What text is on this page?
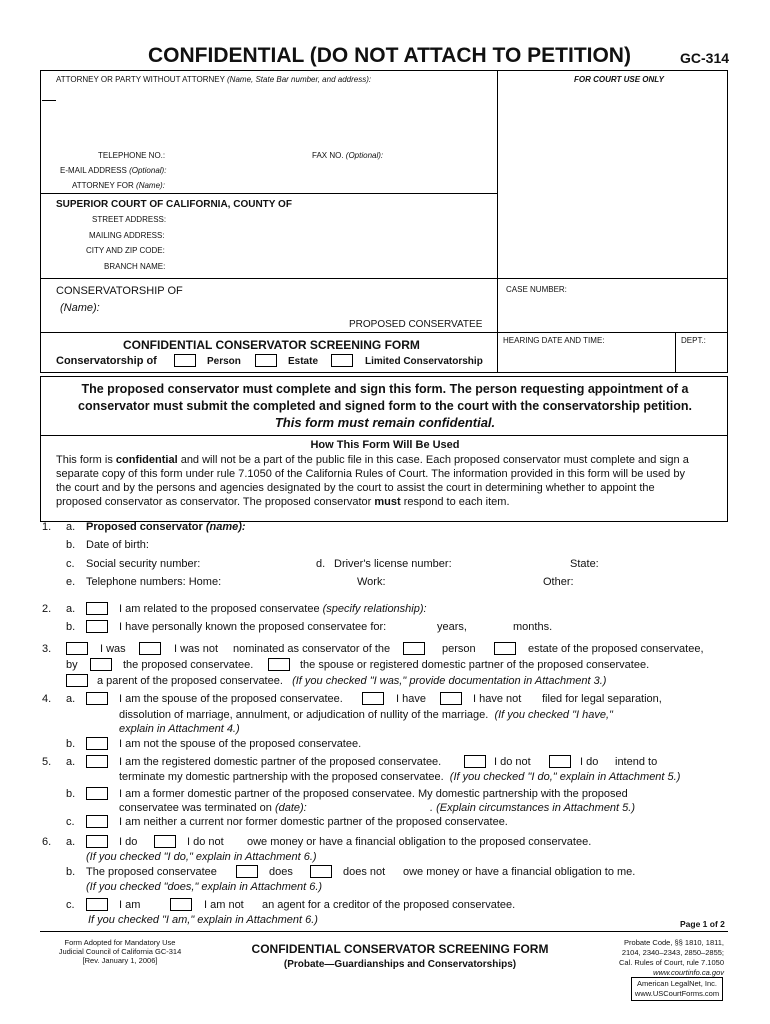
CONFIDENTIAL (DO NOT ATTACH TO PETITION)	GC-314
ATTORNEY OR PARTY WITHOUT ATTORNEY (Name, State Bar number, and address):	FOR COURT USE ONLY
TELEPHONE NO.:	FAX NO. (Optional):
E-MAIL ADDRESS (Optional):
ATTORNEY FOR (Name):
SUPERIOR COURT OF CALIFORNIA, COUNTY OF
STREET ADDRESS:
MAILING ADDRESS:
CITY AND ZIP CODE:
BRANCH NAME:
CONSERVATORSHIP OF
(Name):
PROPOSED CONSERVATEE
CASE NUMBER:
CONFIDENTIAL CONSERVATOR SCREENING FORM	HEARING DATE AND TIME:	DEPT.:
Conservatorship of	Person	Estate	Limited Conservatorship
The proposed conservator must complete and sign this form. The person requesting appointment of a
conservator must submit the completed and signed form to the court with the conservatorship petition.
This form must remain confidential.
How This Form Will Be Used
This form is confidential and will not be a part of the public file in this case. Each proposed conservator must complete and sign a
separate copy of this form under rule 7.1050 of the California Rules of Court. The information provided in this form will be used by
the court and by the persons and agencies designated by the court to assist the court in determining whether to appoint the
proposed conservator as conservator. The proposed conservator must respond to each item.
1. a. Proposed conservator (name):
b. Date of birth:
c. Social security number:	d. Driver's license number:	State:
e. Telephone numbers: Home:	Work:	Other:
2. a.	I am related to the proposed conservatee (specify relationship):
b.	I have personally known the proposed conservatee for:	years,	months.
3.	I was	I was not nominated as conservator of the	person	estate of the proposed conservatee,
by	the proposed conservatee.	the spouse or registered domestic partner of the proposed conservatee.
a parent of the proposed conservatee. (If you checked "I was," provide documentation in Attachment 3.)
4. a.	I am the spouse of the proposed conservatee.	I have	I have not filed for legal separation,
dissolution of marriage, annulment, or adjudication of nullity of the marriage. (If you checked "I have,"
explain in Attachment 4.)
b.	I am not the spouse of the proposed conservatee.
5. a.	I am the registered domestic partner of the proposed conservatee.	I do not	I do intend to
terminate my domestic partnership with the proposed conservatee. (If you checked "I do," explain in Attachment 5.)
b.	I am a former domestic partner of the proposed conservatee. My domestic partnership with the proposed
conservatee was terminated on (date):	. (Explain circumstances in Attachment 5.)
c.	I am neither a current nor former domestic partner of the proposed conservatee.
6. a.	I do	I do not owe money or have a financial obligation to the proposed conservatee.
(If you checked "I do," explain in Attachment 6.)
b. The proposed conservatee	does	does not owe money or have a financial obligation to me.
(If you checked "does," explain in Attachment 6.)
c.	I am	I am not an agent for a creditor of the proposed conservatee.
If you checked "I am," explain in Attachment 6.)	Page 1 of 2
Form Adopted for Mandatory Use
Judicial Council of California GC-314
[Rev. January 1, 2006]
CONFIDENTIAL CONSERVATOR SCREENING FORM
(Probate—Guardianships and Conservatorships)
Probate Code, §§ 1810, 1811,
2104, 2340–2343, 2850–2855;
Cal. Rules of Court, rule 7.1050
www.courtinfo.ca.gov
American LegalNet, Inc.
www.USCourtForms.com
